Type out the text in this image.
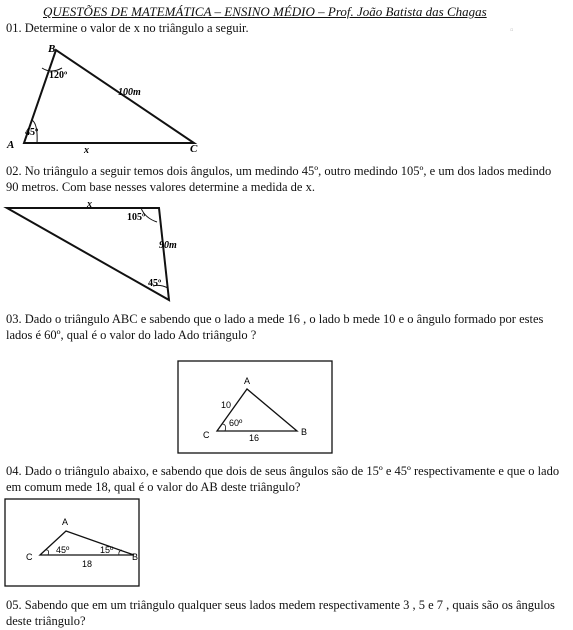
QUESTÕES DE MATEMÁTICA – ENSINO MÉDIO – Prof. João Batista das Chagas
▫
01. Determine o valor de x no triângulo a seguir.
B
A	C
120º
45º
100m
x
02. No triângulo a seguir temos dois ângulos, um medindo 45º, outro medindo 105º, e um dos lados medindo 90 metros. Com base nesses valores determine a medida de x.
x
105º
90m
45º
03. Dado o triângulo ABC e sabendo que o lado a mede 16 , o lado b mede 10 e o ângulo formado por estes lados é 60º, qual é o valor do lado Ado triângulo ?
A
B
C
10
60º
16
04. Dado o triângulo abaixo, e sabendo que dois de seus ângulos são de 15º e 45º respectivamente e que o lado em comum mede 18, qual é o valor do AB deste triângulo?
A
B
C
45º	15º
18
05. Sabendo que em um triângulo qualquer seus lados medem respectivamente 3 , 5 e 7 , quais são os ângulos deste triângulo?
